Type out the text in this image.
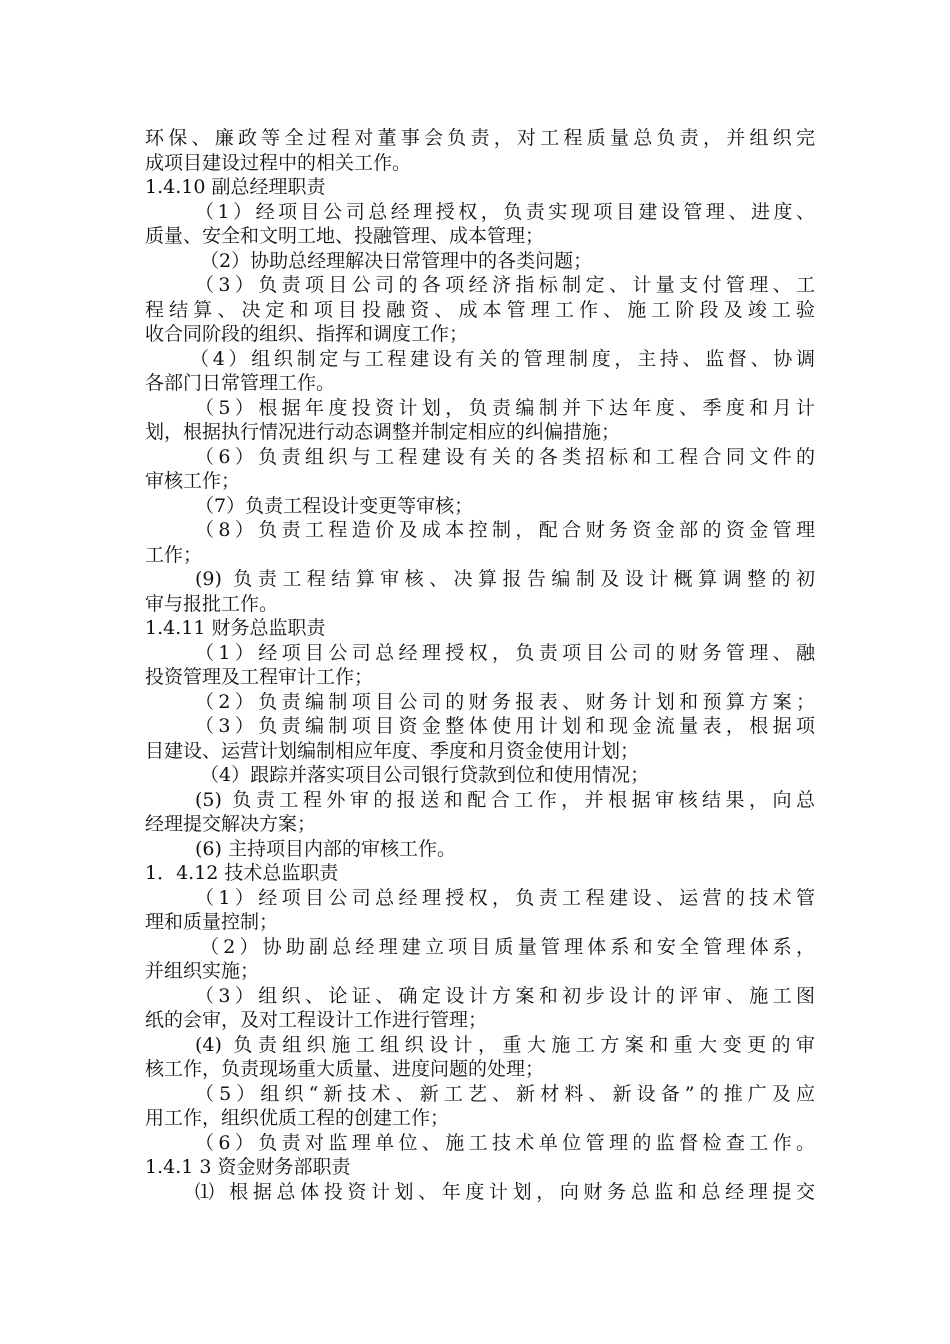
环保、廉政等全过程对董事会负责，对工程质量总负责，并组织完
成项目建设过程中的相关工作。
1.4.10 副总经理职责
（1）经项目公司总经理授权，负责实现项目建设管理、进度、
质量、安全和文明工地、投融管理、成本管理；
（2）协助总经理解决日常管理中的各类问题；
（3）负责项目公司的各项经济指标制定、计量支付管理、工
程结算、决定和项目投融资、成本管理工作、施工阶段及竣工验
收合同阶段的组织、指挥和调度工作；
（4）组织制定与工程建设有关的管理制度，主持、监督、协调
各部门日常管理工作。
（5）根据年度投资计划，负责编制并下达年度、季度和月计
划，根据执行情况进行动态调整并制定相应的纠偏措施；
（6）负责组织与工程建设有关的各类招标和工程合同文件的
审核工作；
（7）负责工程设计变更等审核；
（8）负责工程造价及成本控制，配合财务资金部的资金管理
工作；
(9) 负责工程结算审核、决算报告编制及设计概算调整的初
审与报批工作。
1.4.11 财务总监职责
（1）经项目公司总经理授权，负责项目公司的财务管理、融
投资管理及工程审计工作；
（2）负责编制项目公司的财务报表、财务计划和预算方案；
（3）负责编制项目资金整体使用计划和现金流量表，根据项
目建设、运营计划编制相应年度、季度和月资金使用计划；
（4）跟踪并落实项目公司银行贷款到位和使用情况；
(5) 负责工程外审的报送和配合工作，并根据审核结果，向总
经理提交解决方案；
(6) 主持项目内部的审核工作。
1．4.12 技术总监职责
（1）经项目公司总经理授权，负责工程建设、运营的技术管
理和质量控制；
（2）协助副总经理建立项目质量管理体系和安全管理体系，
并组织实施；
（3）组织、论证、确定设计方案和初步设计的评审、施工图
纸的会审，及对工程设计工作进行管理；
(4) 负责组织施工组织设计，重大施工方案和重大变更的审
核工作，负责现场重大质量、进度问题的处理；
（5）组织“新技术、新工艺、新材料、新设备”的推广及应
用工作，组织优质工程的创建工作；
（6）负责对监理单位、施工技术单位管理的监督检查工作。
1.4.1 3 资金财务部职责
⑴ 根据总体投资计划、年度计划，向财务总监和总经理提交
